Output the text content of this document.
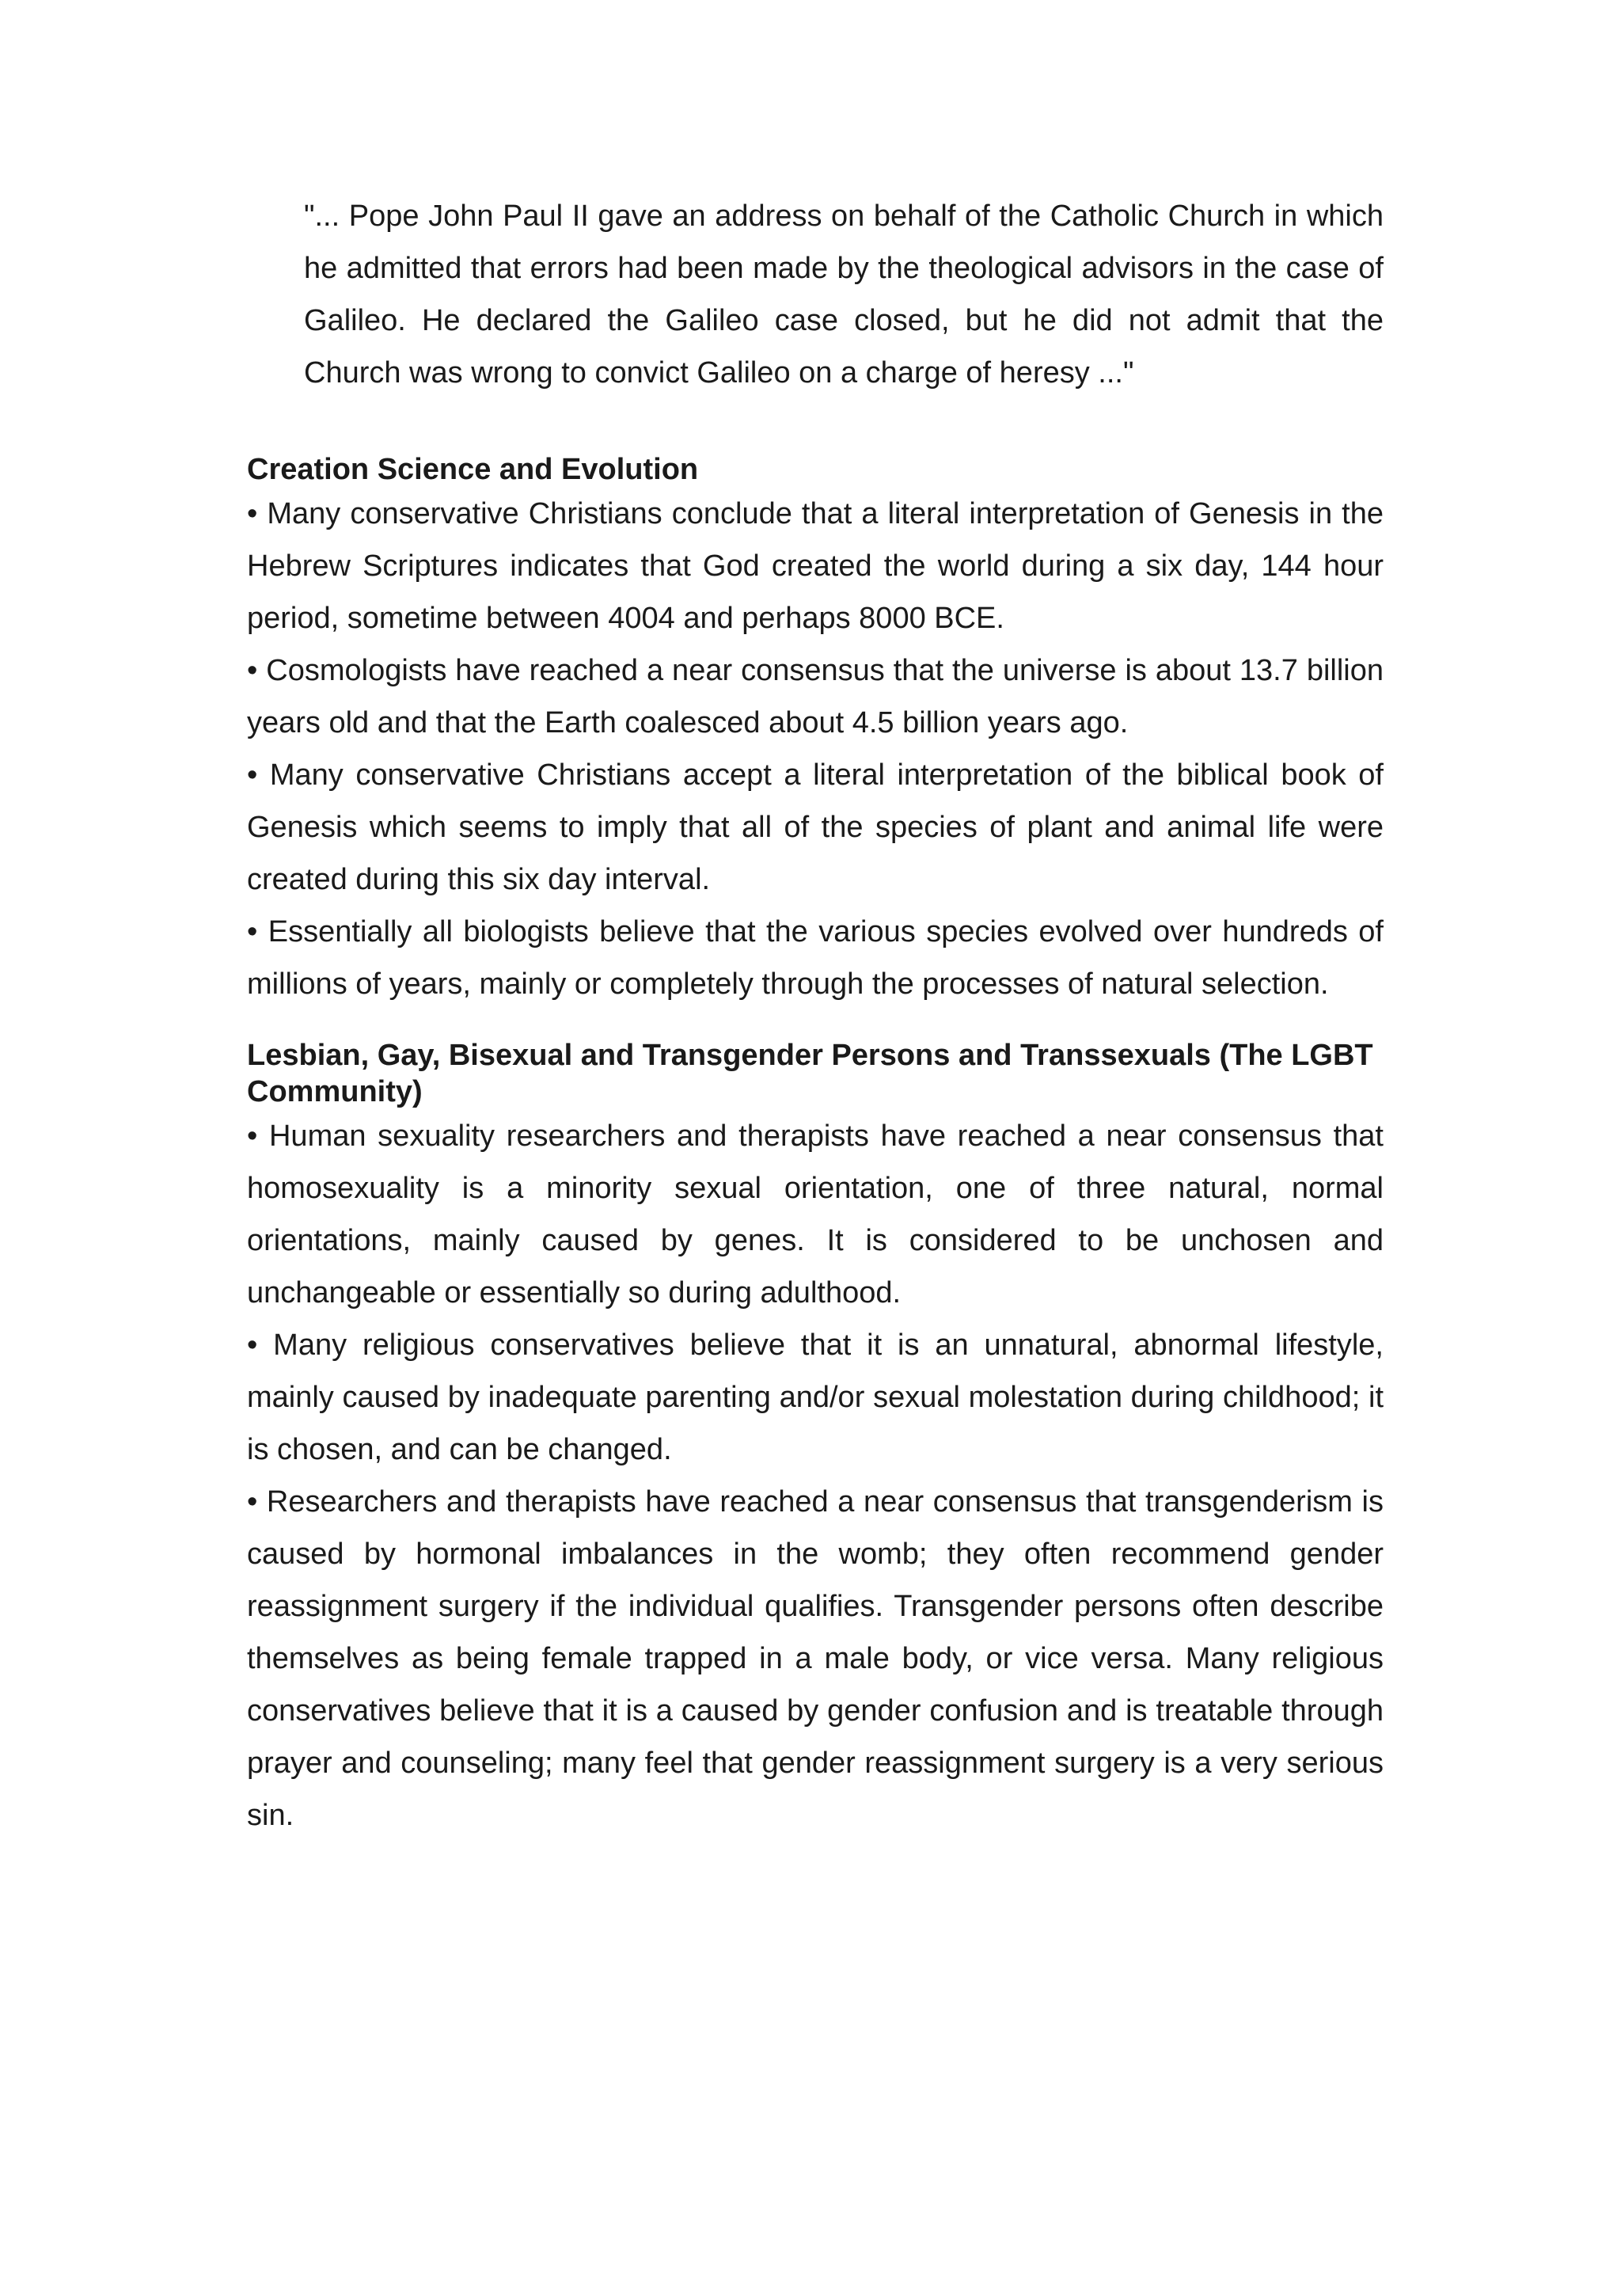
"... Pope John Paul II gave an address on behalf of the Catholic Church in which he admitted that errors had been made by the theological advisors in the case of Galileo. He declared the Galileo case closed, but he did not admit that the Church was wrong to convict Galileo on a charge of heresy ..."

Creation Science and Evolution

• Many conservative Christians conclude that a literal interpretation of Genesis in the Hebrew Scriptures indicates that God created the world during a six day, 144 hour period, sometime between 4004 and perhaps 8000 BCE.

• Cosmologists have reached a near consensus that the universe is about 13.7 billion years old and that the Earth coalesced about 4.5 billion years ago.

• Many conservative Christians accept a literal interpretation of the biblical book of Genesis which seems to imply that all of the species of plant and animal life were created during this six day interval.

• Essentially all biologists believe that the various species evolved over hundreds of millions of years, mainly or completely through the processes of natural selection.

Lesbian, Gay, Bisexual and Transgender Persons and Transsexuals (The LGBT Community)

• Human sexuality researchers and therapists have reached a near consensus that homosexuality is a minority sexual orientation, one of three natural, normal orientations, mainly caused by genes. It is considered to be unchosen and unchangeable or essentially so during adulthood.

• Many religious conservatives believe that it is an unnatural, abnormal lifestyle, mainly caused by inadequate parenting and/or sexual molestation during childhood; it is chosen, and can be changed.

• Researchers and therapists have reached a near consensus that transgenderism is caused by hormonal imbalances in the womb; they often recommend gender reassignment surgery if the individual qualifies. Transgender persons often describe themselves as being female trapped in a male body, or vice versa. Many religious conservatives believe that it is a caused by gender confusion and is treatable through prayer and counseling; many feel that gender reassignment surgery is a very serious sin.
